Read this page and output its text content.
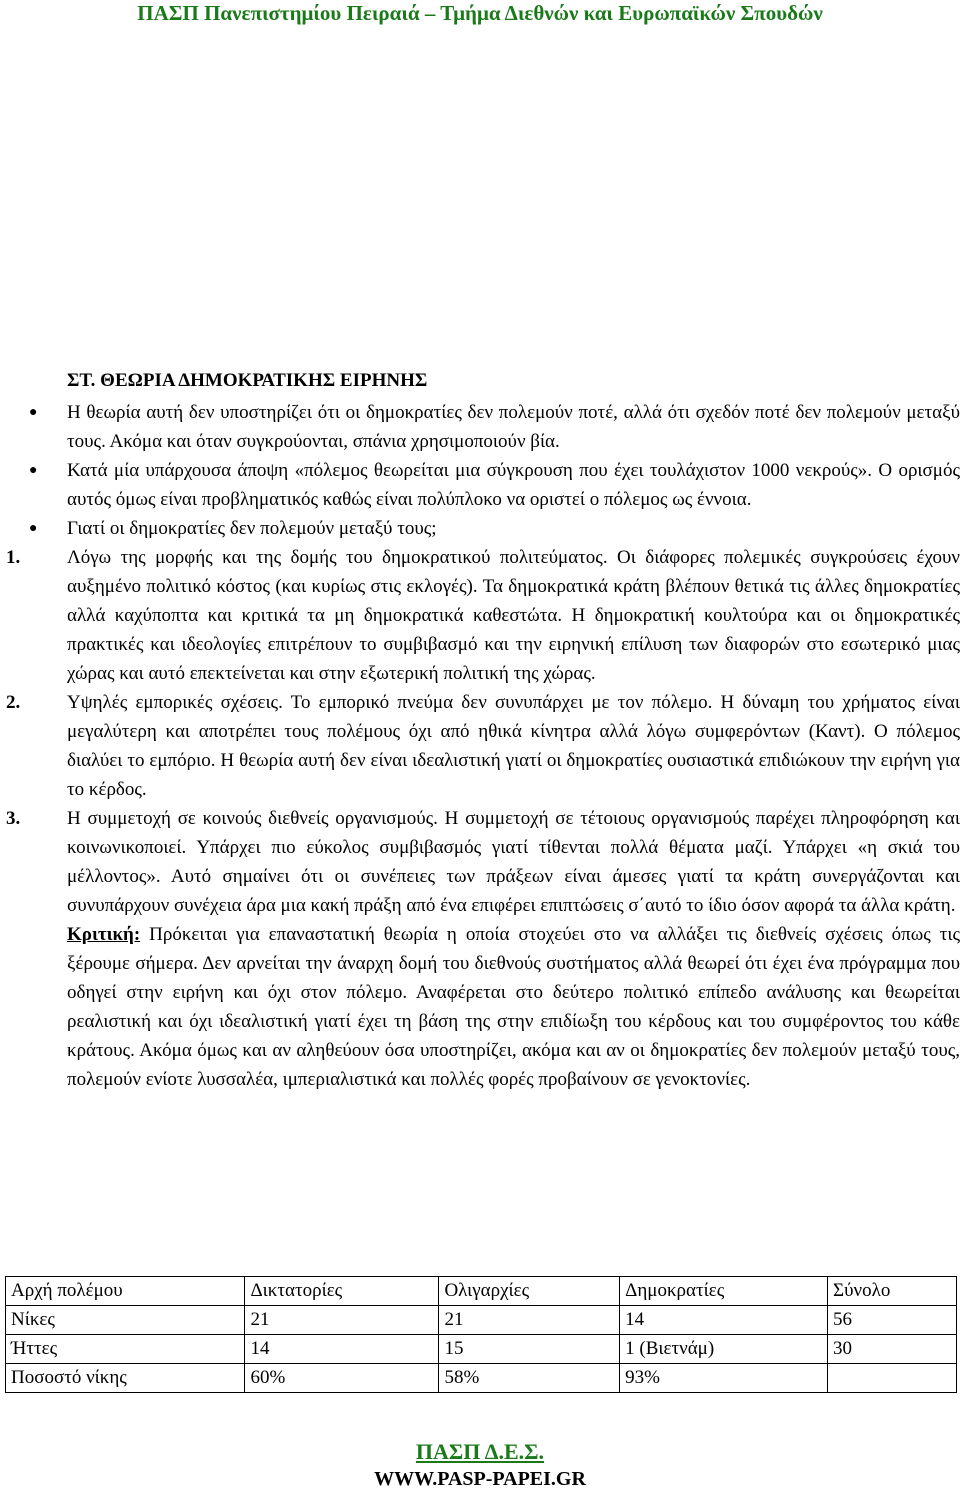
ΠΑΣΠ Πανεπιστημίου Πειραιά – Τμήμα Διεθνών και Ευρωπαϊκών Σπουδών
ΣΤ. ΘΕΩΡΙΑ ΔΗΜΟΚΡΑΤΙΚΗΣ ΕΙΡΗΝΗΣ
● Η θεωρία αυτή δεν υποστηρίζει ότι οι δημοκρατίες δεν πολεμούν ποτέ, αλλά ότι σχεδόν ποτέ δεν πολεμούν μεταξύ τους. Ακόμα και όταν συγκρούονται, σπάνια χρησιμοποιούν βία.
● Κατά μία υπάρχουσα άποψη «πόλεμος θεωρείται μια σύγκρουση που έχει τουλάχιστον 1000 νεκρούς». Ο ορισμός αυτός όμως είναι προβληματικός καθώς είναι πολύπλοκο να οριστεί ο πόλεμος ως έννοια.
● Γιατί οι δημοκρατίες δεν πολεμούν μεταξύ τους;
1. Λόγω της μορφής και της δομής του δημοκρατικού πολιτεύματος. Οι διάφορες πολεμικές συγκρούσεις έχουν αυξημένο πολιτικό κόστος (και κυρίως στις εκλογές). Τα δημοκρατικά κράτη βλέπουν θετικά τις άλλες δημοκρατίες αλλά καχύποπτα και κριτικά τα μη δημοκρατικά καθεστώτα. Η δημοκρατική κουλτούρα και οι δημοκρατικές πρακτικές και ιδεολογίες επιτρέπουν το συμβιβασμό και την ειρηνική επίλυση των διαφορών στο εσωτερικό μιας χώρας και αυτό επεκτείνεται και στην εξωτερική πολιτική της χώρας.
2. Υψηλές εμπορικές σχέσεις. Το εμπορικό πνεύμα δεν συνυπάρχει με τον πόλεμο. Η δύναμη του χρήματος είναι μεγαλύτερη και αποτρέπει τους πολέμους όχι από ηθικά κίνητρα αλλά λόγω συμφερόντων (Καντ). Ο πόλεμος διαλύει το εμπόριο. Η θεωρία αυτή δεν είναι ιδεαλιστική γιατί οι δημοκρατίες ουσιαστικά επιδιώκουν την ειρήνη για το κέρδος.
3. Η συμμετοχή σε κοινούς διεθνείς οργανισμούς. Η συμμετοχή σε τέτοιους οργανισμούς παρέχει πληροφόρηση και κοινωνικοποιεί. Υπάρχει πιο εύκολος συμβιβασμός γιατί τίθενται πολλά θέματα μαζί. Υπάρχει «η σκιά του μέλλοντος». Αυτό σημαίνει ότι οι συνέπειες των πράξεων είναι άμεσες γιατί τα κράτη συνεργάζονται και συνυπάρχουν συνέχεια άρα μια κακή πράξη από ένα επιφέρει επιπτώσεις σ΄αυτό το ίδιο όσον αφορά τα άλλα κράτη.
Κριτική: Πρόκειται για επαναστατική θεωρία η οποία στοχεύει στο να αλλάξει τις διεθνείς σχέσεις όπως τις ξέρουμε σήμερα. Δεν αρνείται την άναρχη δομή του διεθνούς συστήματος αλλά θεωρεί ότι έχει ένα πρόγραμμα που οδηγεί στην ειρήνη και όχι στον πόλεμο. Αναφέρεται στο δεύτερο πολιτικό επίπεδο ανάλυσης και θεωρείται ρεαλιστική και όχι ιδεαλιστική γιατί έχει τη βάση της στην επιδίωξη του κέρδους και του συμφέροντος του κάθε κράτους. Ακόμα όμως και αν αληθεύουν όσα υποστηρίζει, ακόμα και αν οι δημοκρατίες δεν πολεμούν μεταξύ τους, πολεμούν ενίοτε λυσσαλέα, ιμπεριαλιστικά και πολλές φορές προβαίνουν σε γενοκτονίες.
Αρχή πολέμου	Δικτατορίες	Ολιγαρχίες	Δημοκρατίες	Σύνολο
Νίκες	21	21	14	56
Ήττες	14	15	1 (Βιετνάμ)	30
Ποσοστό νίκης	60%	58%	93%	
ΠΑΣΠ Δ.Ε.Σ.
WWW.PASP-PAPEI.GR
